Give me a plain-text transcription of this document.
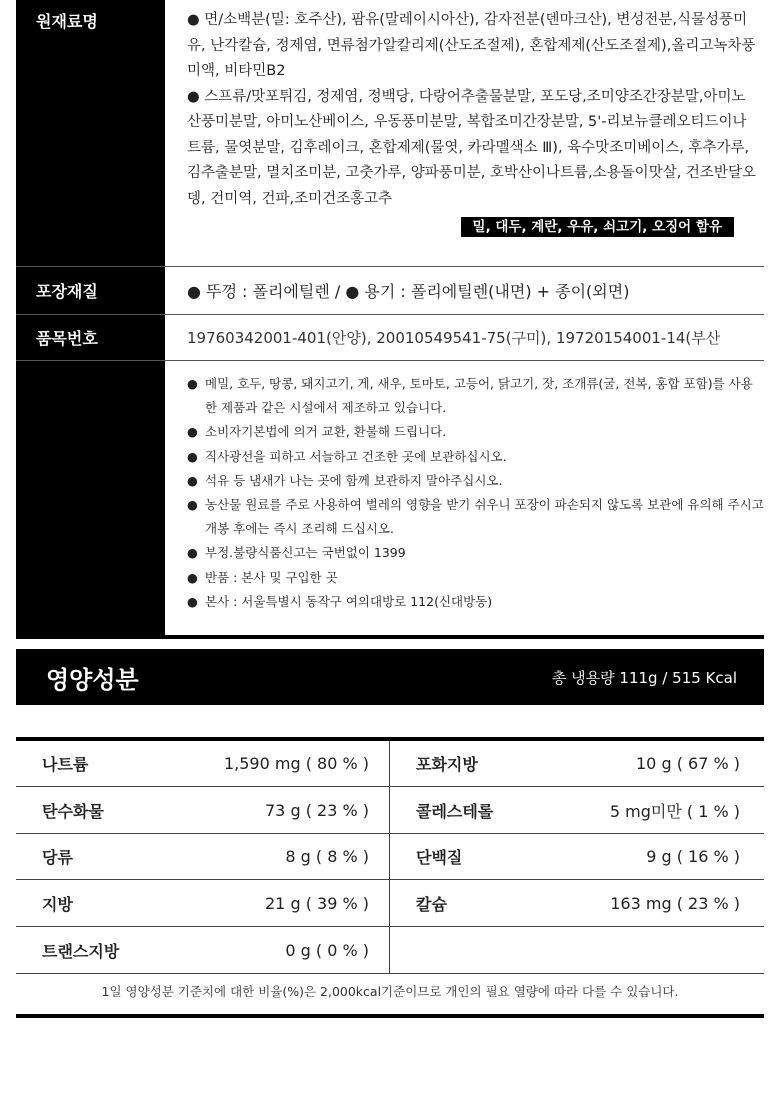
원재료명	● 면/소백분(밀: 호주산), 팜유(말레이시아산), 감자전분(덴마크산), 변성전분,식물성풍미유, 난각칼슘, 정제염, 면류첨가알칼리제(산도조절제), 혼합제제(산도조절제),올리고녹차풍미액, 비타민B2
● 스프류/맛포튀김, 정제염, 정백당, 다랑어추출물분말, 포도당,조미양조간장분말,아미노산풍미분말, 아미노산베이스, 우동풍미분말, 복합조미간장분말, 5'-리보뉴클레오티드이나트륨, 물엿분말, 김후레이크, 혼합제제(물엿, 카라멜색소 Ⅲ), 육수맛조미베이스, 후추가루, 김추출분말, 멸치조미분, 고춧가루, 양파풍미분, 호박산이나트륨,소용돌이맛살, 건조반달오뎅, 건미역, 건파,조미건조홍고추
밀, 대두, 계란, 우유, 쇠고기, 오징어 함유
포장재질	● 뚜껑 : 폴리에틸렌 / ● 용기 : 폴리에틸렌(내면) + 종이(외면)
품목번호	19760342001-401(안양), 20010549541-75(구미), 19720154001-14(부산
● 메밀, 호두, 땅콩, 돼지고기, 게, 새우, 토마토, 고등어, 닭고기, 잣, 조개류(굴, 전복, 홍합 포함)를 사용한 제품과 같은 시설에서 제조하고 있습니다.
● 소비자기본법에 의거 교환, 환불해 드립니다.
● 직사광선을 피하고 서늘하고 건조한 곳에 보관하십시오.
● 석유 등 냄새가 나는 곳에 함께 보관하지 말아주십시오.
● 농산물 원료를 주로 사용하여 벌레의 영향을 받기 쉬우니 포장이 파손되지 않도록 보관에 유의해 주시고 개봉 후에는 즉시 조리해 드십시오.
● 부정.불량식품신고는 국번없이 1399
● 반품 : 본사 및 구입한 곳
● 본사 : 서울특별시 동작구 여의대방로 112(신대방동)
영양성분	총 냉용량 111g / 515 Kcal
나트륨	1,590 mg ( 80 % )	포화지방	10 g ( 67 % )
탄수화물	73 g ( 23 % )	콜레스테롤	5 mg미만 ( 1 % )
당류	8 g ( 8 % )	단백질	9 g ( 16 % )
지방	21 g ( 39 % )	칼슘	163 mg ( 23 % )
트랜스지방	0 g ( 0 % )
1일 영양성분 기준치에 대한 비율(%)은 2,000kcal기준이므로 개인의 필요 열량에 따라 다를 수 있습니다.
